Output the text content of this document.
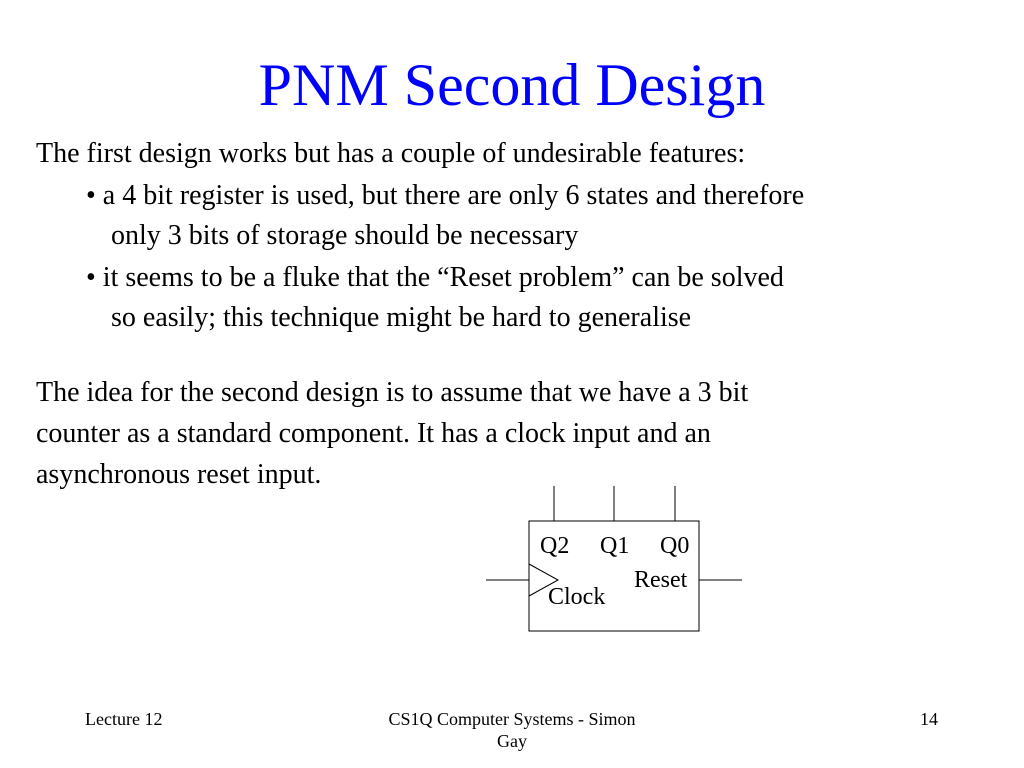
PNM Second Design
The first design works but has a couple of undesirable features:
• a 4 bit register is used, but there are only 6 states and therefore
only 3 bits of storage should be necessary
• it seems to be a fluke that the “Reset problem” can be solved
so easily; this technique might be hard to generalise
The idea for the second design is to assume that we have a 3 bit
counter as a standard component. It has a clock input and an
asynchronous reset input.
Q2 Q1 Q0
Reset
Clock
Lecture 12	CS1Q Computer Systems - Simon
Gay
14
